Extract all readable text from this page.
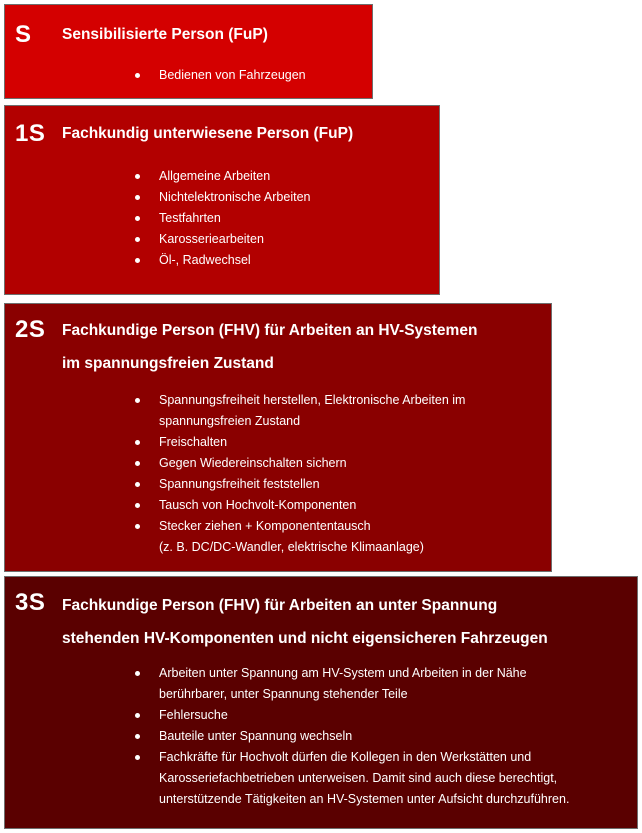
S Sensibilisierte Person (FuP)
Bedienen von Fahrzeugen
1S Fachkundig unterwiesene Person (FuP)
Allgemeine Arbeiten
Nichtelektronische Arbeiten
Testfahrten
Karosseriearbeiten
Öl-, Radwechsel
2S Fachkundige Person (FHV) für Arbeiten an HV-Systemen
im spannungsfreien Zustand
Spannungsfreiheit herstellen, Elektronische Arbeiten im
spannungsfreien Zustand
Freischalten
Gegen Wiedereinschalten sichern
Spannungsfreiheit feststellen
Tausch von Hochvolt-Komponenten
Stecker ziehen + Komponententausch
(z. B. DC/DC-Wandler, elektrische Klimaanlage)
3S Fachkundige Person (FHV) für Arbeiten an unter Spannung
stehenden HV-Komponenten und nicht eigensicheren Fahrzeugen
Arbeiten unter Spannung am HV-System und Arbeiten in der Nähe
berührbarer, unter Spannung stehender Teile
Fehlersuche
Bauteile unter Spannung wechseln
Fachkräfte für Hochvolt dürfen die Kollegen in den Werkstätten und
Karosseriefachbetrieben unterweisen. Damit sind auch diese berechtigt,
unterstützende Tätigkeiten an HV-Systemen unter Aufsicht durchzuführen.
